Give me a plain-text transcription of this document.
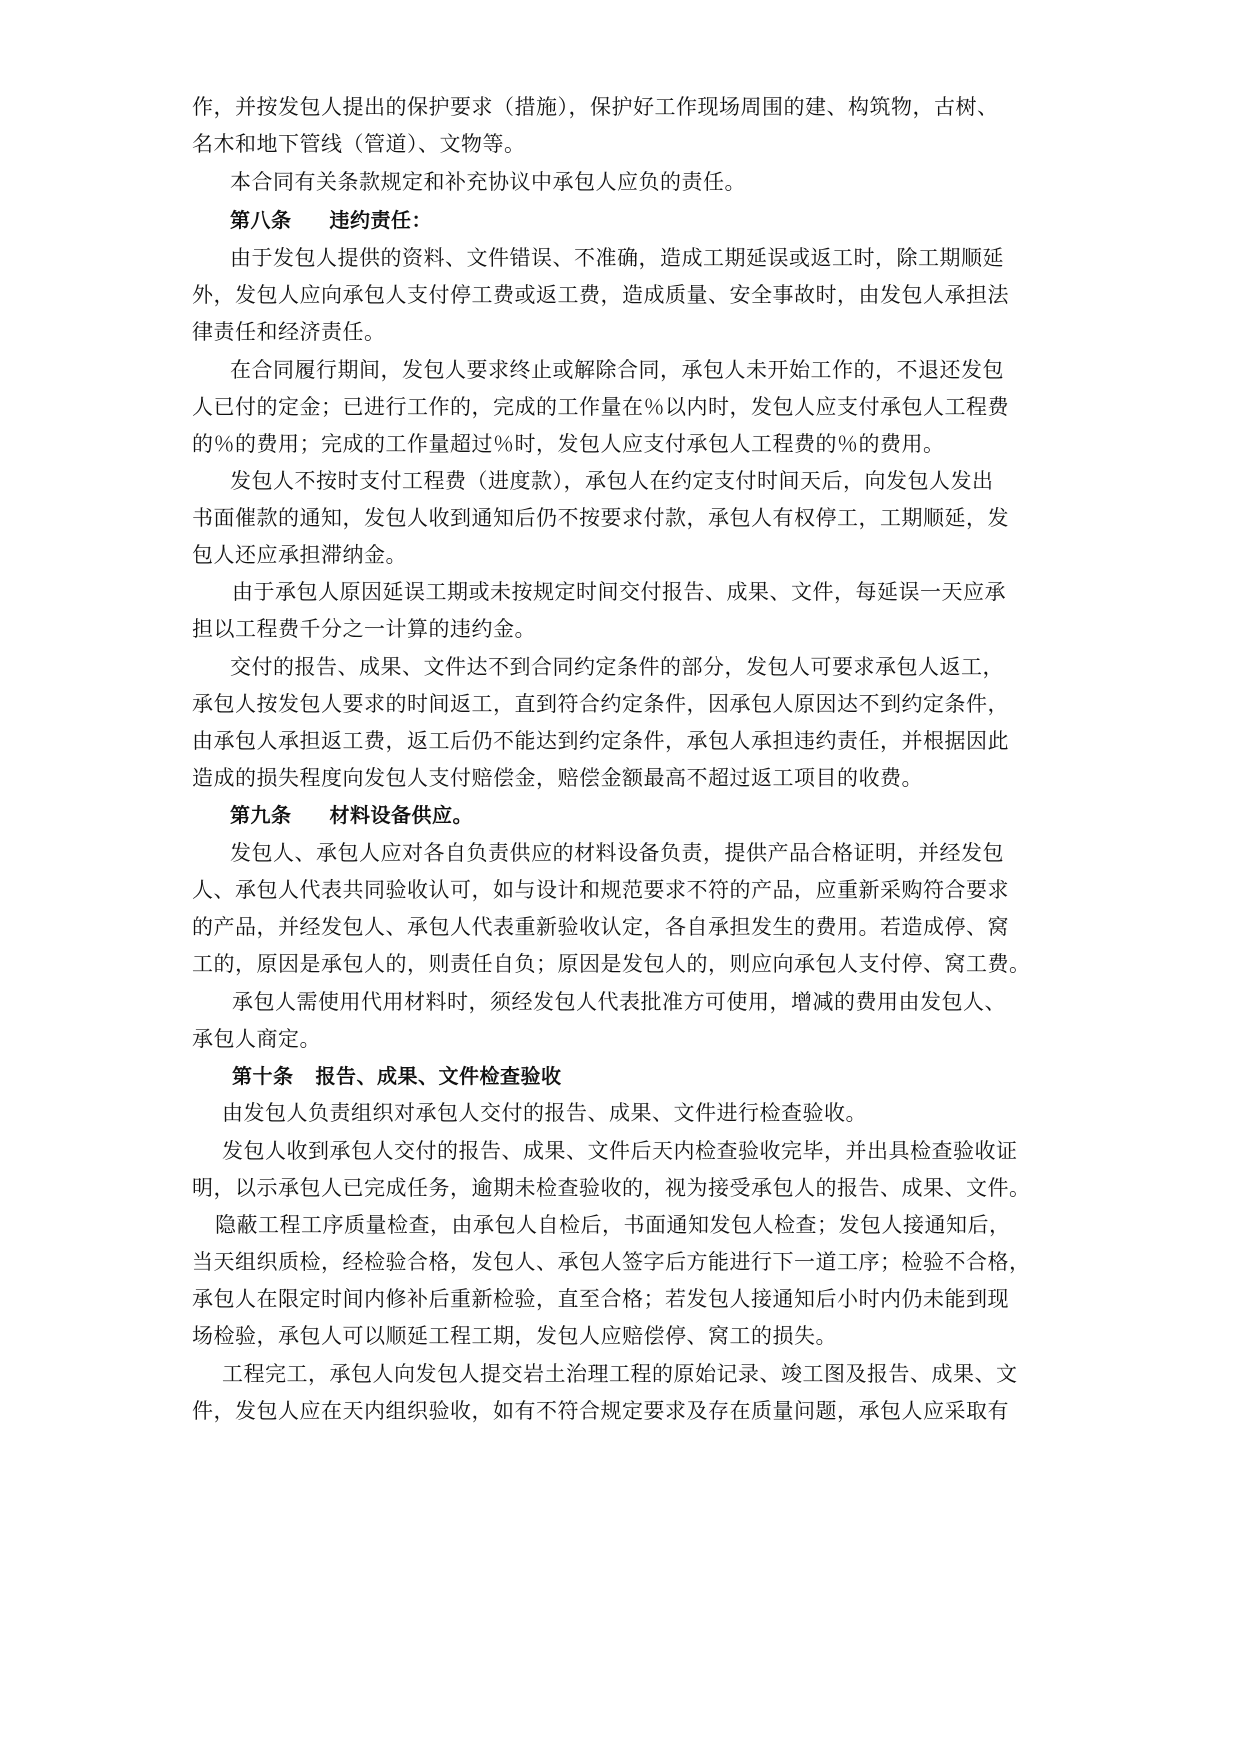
作，并按发包人提出的保护要求（措施），保护好工作现场周围的建、构筑物，古树、
名木和地下管线（管道）、文物等。
本合同有关条款规定和补充协议中承包人应负的责任。
第八条 违约责任：
由于发包人提供的资料、文件错误、不准确，造成工期延误或返工时，除工期顺延
外，发包人应向承包人支付停工费或返工费，造成质量、安全事故时，由发包人承担法
律责任和经济责任。
在合同履行期间，发包人要求终止或解除合同，承包人未开始工作的，不退还发包
人已付的定金；已进行工作的，完成的工作量在％以内时，发包人应支付承包人工程费
的％的费用；完成的工作量超过％时，发包人应支付承包人工程费的％的费用。
发包人不按时支付工程费（进度款），承包人在约定支付时间天后，向发包人发出
书面催款的通知，发包人收到通知后仍不按要求付款，承包人有权停工，工期顺延，发
包人还应承担滞纳金。
由于承包人原因延误工期或未按规定时间交付报告、成果、文件，每延误一天应承
担以工程费千分之一计算的违约金。
交付的报告、成果、文件达不到合同约定条件的部分，发包人可要求承包人返工，
承包人按发包人要求的时间返工，直到符合约定条件，因承包人原因达不到约定条件，
由承包人承担返工费，返工后仍不能达到约定条件，承包人承担违约责任，并根据因此
造成的损失程度向发包人支付赔偿金，赔偿金额最高不超过返工项目的收费。
第九条 材料设备供应。
发包人、承包人应对各自负责供应的材料设备负责，提供产品合格证明，并经发包
人、承包人代表共同验收认可，如与设计和规范要求不符的产品，应重新采购符合要求
的产品，并经发包人、承包人代表重新验收认定，各自承担发生的费用。若造成停、窝
工的，原因是承包人的，则责任自负；原因是发包人的，则应向承包人支付停、窝工费。
承包人需使用代用材料时，须经发包人代表批准方可使用，增减的费用由发包人、
承包人商定。
第十条 报告、成果、文件检查验收
由发包人负责组织对承包人交付的报告、成果、文件进行检查验收。
发包人收到承包人交付的报告、成果、文件后天内检查验收完毕，并出具检查验收证
明，以示承包人已完成任务，逾期未检查验收的，视为接受承包人的报告、成果、文件。
隐蔽工程工序质量检查，由承包人自检后，书面通知发包人检查；发包人接通知后，
当天组织质检，经检验合格，发包人、承包人签字后方能进行下一道工序；检验不合格，
承包人在限定时间内修补后重新检验，直至合格；若发包人接通知后小时内仍未能到现
场检验，承包人可以顺延工程工期，发包人应赔偿停、窝工的损失。
工程完工，承包人向发包人提交岩土治理工程的原始记录、竣工图及报告、成果、文
件，发包人应在天内组织验收，如有不符合规定要求及存在质量问题，承包人应采取有
